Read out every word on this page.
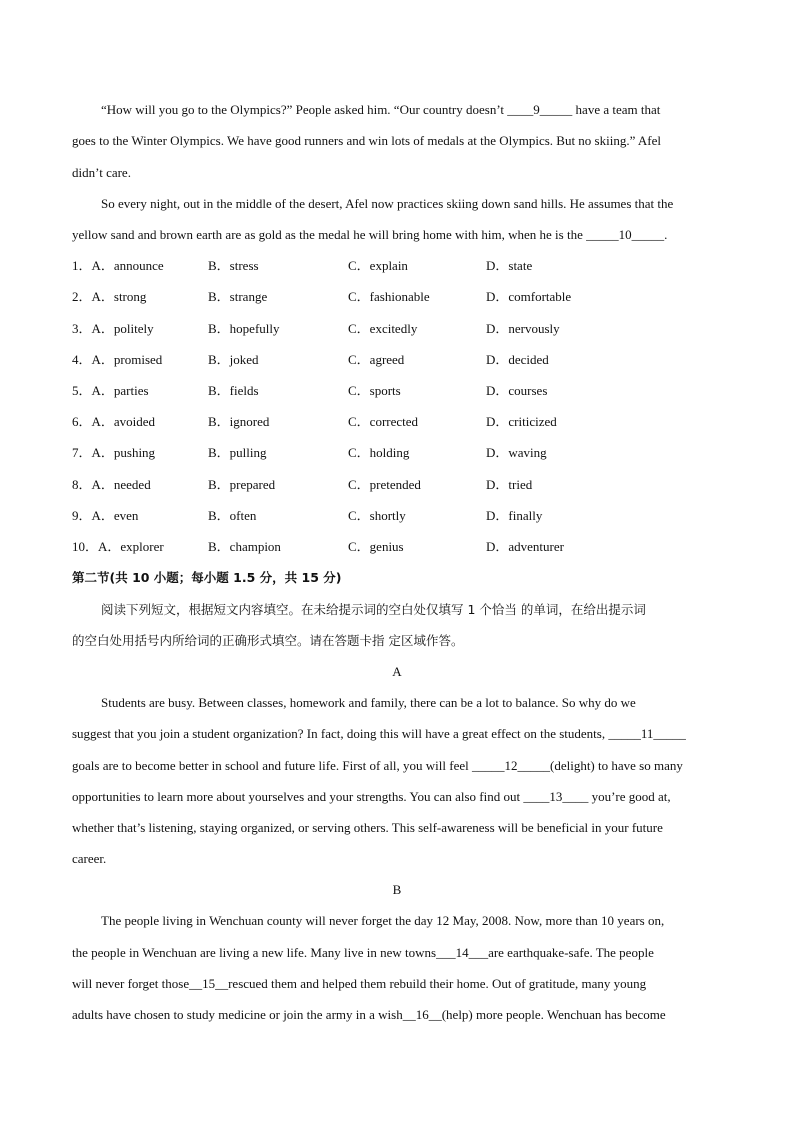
“How will you go to the Olympics?” People asked him. “Our country doesn’t ____9_____ have a team that
goes to the Winter Olympics. We have good runners and win lots of medals at the Olympics. But no skiing.” Afel
didn’t care.
So every night, out in the middle of the desert, Afel now practices skiing down sand hills. He assumes that the
yellow sand and brown earth are as gold as the medal he will bring home with him, when he is the _____10_____.
1．A．announce	B．stress	C．explain	D．state
2．A．strong	B．strange	C．fashionable	D．comfortable
3．A．politely	B．hopefully	C．excitedly	D．nervously
4．A．promised	B．joked	C．agreed	D．decided
5．A．parties	B．fields	C．sports	D．courses
6．A．avoided	B．ignored	C．corrected	D．criticized
7．A．pushing	B．pulling	C．holding	D．waving
8．A．needed	B．prepared	C．pretended	D．tried
9．A．even	B．often	C．shortly	D．finally
10．A．explorer	B．champion	C．genius	D．adventurer
第二节(共 10 小题；每小题 1.5 分，共 15 分)
阅读下列短文，根据短文内容填空。在未给提示词的空白处仅填写 1 个恰当 的单词，在给出提示词
的空白处用括号内所给词的正确形式填空。请在答题卡指 定区域作答。
A
Students are busy. Between classes, homework and family, there can be a lot to balance. So why do we
suggest that you join a student organization? In fact, doing this will have a great effect on the students, _____11_____
goals are to become better in school and future life. First of all, you will feel _____12_____(delight) to have so many
opportunities to learn more about yourselves and your strengths. You can also find out ____13____ you’re good at,
whether that’s listening, staying organized, or serving others. This self-awareness will be beneficial in your future
career.
B
The people living in Wenchuan county will never forget the day 12 May, 2008. Now, more than 10 years on,
the people in Wenchuan are living a new life. Many live in new towns___14___are earthquake-safe. The people
will never forget those__15__rescued them and helped them rebuild their home. Out of gratitude, many young
adults have chosen to study medicine or join the army in a wish__16__(help) more people. Wenchuan has become
